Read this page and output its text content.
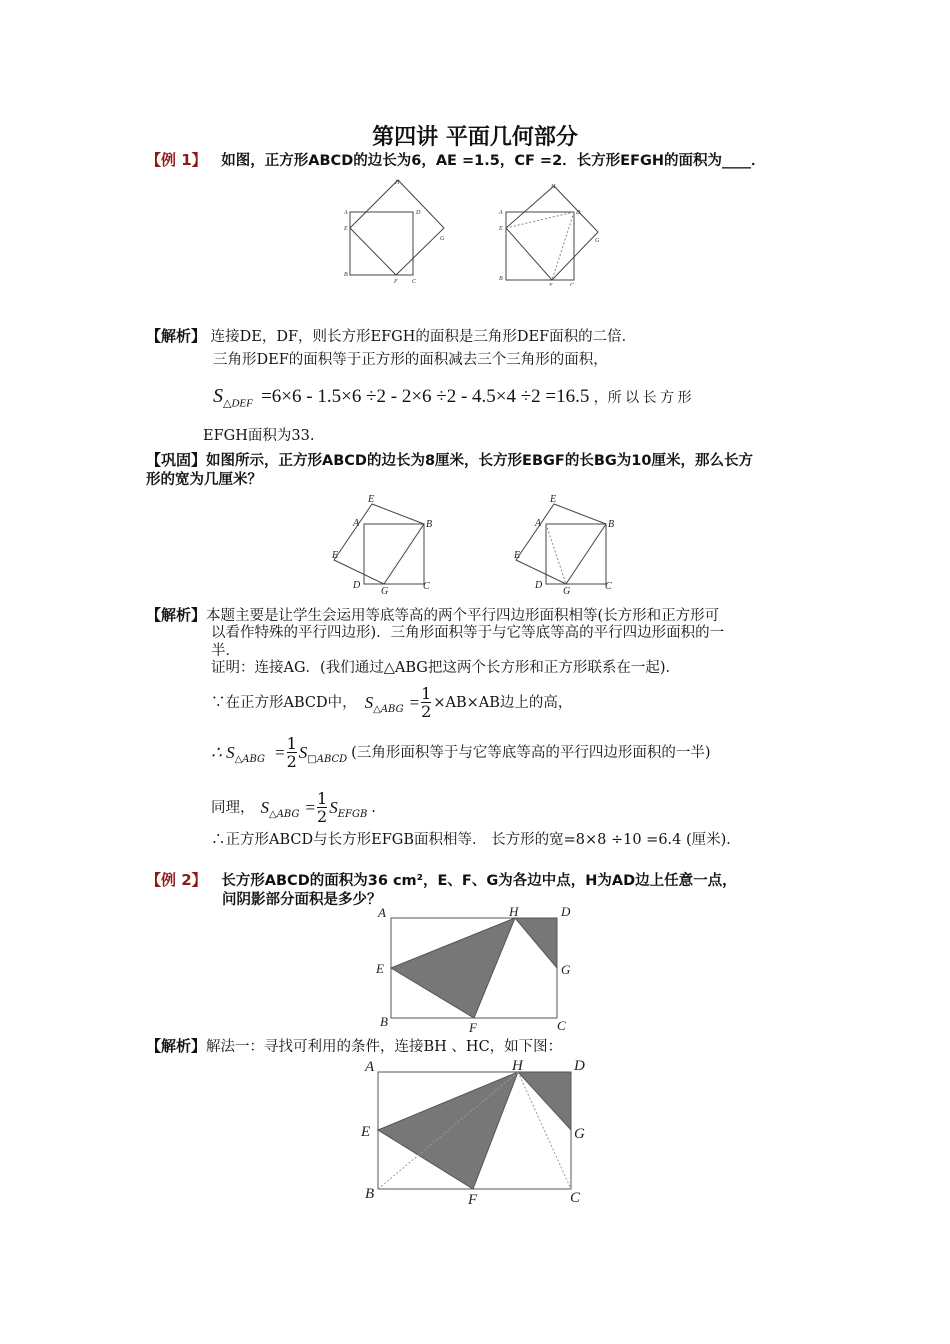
第四讲 平面几何部分
【例 1】 如图，正方形ABCD的边长为6，AE =1.5，CF =2．长方形EFGH的面积为____．
A
E
B
H
D
G
F C
A
E
B
H
D
G
F	C
【解析】 连接DE，DF，则长方形EFGH的面积是三角形DEF面积的二倍．
三角形DEF的面积等于正方形的面积减去三个三角形的面积，
$S_{\triangle DEF} =6\times 6 - 1.5\times 6 \div 2 - 2\times 6 \div 2 - 4.5\times 4 \div 2 =16.5$ ，所 以 长 方 形
EFGH面积为33.
【巩固】如图所示，正方形ABCD的边长为8厘米，长方形EBGF的长BG为10厘米，那么长方
形的宽为几厘米？
E
A	B
E
D
G	C
E
A	B
E
D
G	C
【解析】本题主要是让学生会运用等底等高的两个平行四边形面积相等(长方形和正方形可
以看作特殊的平行四边形)．三角形面积等于与它等底等高的平行四边形面积的一
半．
证明：连接AG．(我们通过△ABG把这两个长方形和正方形联系在一起)．
∵在正方形ABCD中， $S_{\triangle ABG} = \frac{1}{2} \times AB\times AB$边上的高，
∴ $S_{\triangle ABG} = \frac{1}{2} S_{□ABCD}$ (三角形面积等于与它等底等高的平行四边形面积的一半)
同理， $S_{\triangle ABG} = \frac{1}{2} S_{EFGB}$ .
∴正方形ABCD与长方形EFGB面积相等． 长方形的宽=8×8 ÷10 =6.4 (厘米)．
【例 2】 长方形ABCD的面积为36 cm²，E、F、G为各边中点，H为AD边上任意一点，
问阴影部分面积是多少？
A	H	D
E	G
B	F	C
【解析】解法一：寻找可利用的条件，连接BH 、HC，如下图：
A	H	D
E	G
B	F	C
